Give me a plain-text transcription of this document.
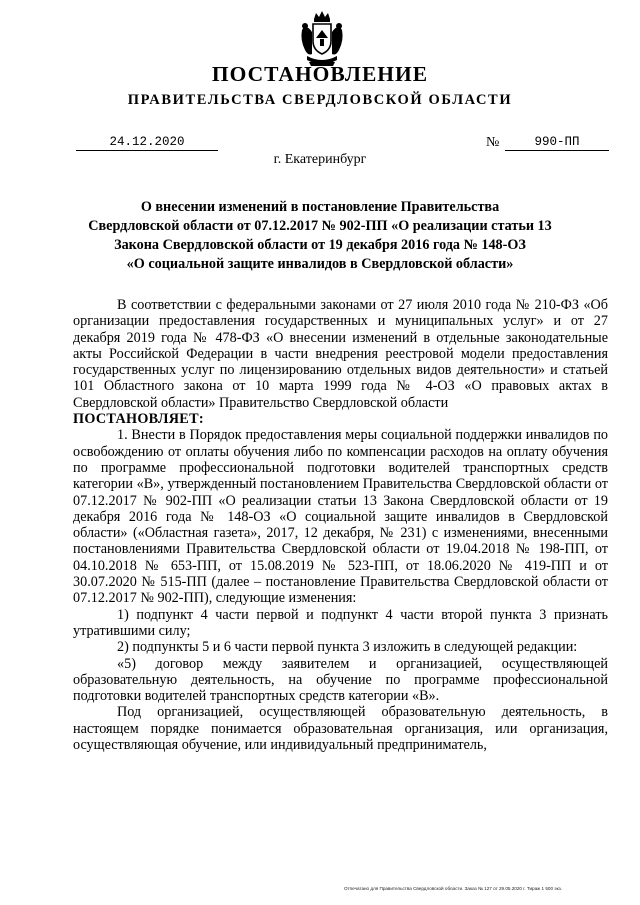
ПОСТАНОВЛЕНИЕ
ПРАВИТЕЛЬСТВА СВЕРДЛОВСКОЙ ОБЛАСТИ
24.12.2020	№	990-ПП
г. Екатеринбург
О внесении изменений в постановление Правительства
Свердловской области от 07.12.2017 № 902-ПП «О реализации статьи 13
Закона Свердловской области от 19 декабря 2016 года № 148-ОЗ
«О социальной защите инвалидов в Свердловской области»

В соответствии с федеральными законами от 27 июля 2010 года № 210-ФЗ «Об организации предоставления государственных и муниципальных услуг» и от 27 декабря 2019 года № 478-ФЗ «О внесении изменений в отдельные законодательные акты Российской Федерации в части внедрения реестровой модели предоставления государственных услуг по лицензированию отдельных видов деятельности» и статьей 101 Областного закона от 10 марта 1999 года № 4-ОЗ «О правовых актах в Свердловской области» Правительство Свердловской области

ПОСТАНОВЛЯЕТ:

1. Внести в Порядок предоставления меры социальной поддержки инвалидов по освобождению от оплаты обучения либо по компенсации расходов на оплату обучения по программе профессиональной подготовки водителей транспортных средств категории «В», утвержденный постановлением Правительства Свердловской области от 07.12.2017 № 902-ПП «О реализации статьи 13 Закона Свердловской области от 19 декабря 2016 года № 148-ОЗ «О социальной защите инвалидов в Свердловской области» («Областная газета», 2017, 12 декабря, № 231) с изменениями, внесенными постановлениями Правительства Свердловской области от 19.04.2018 № 198-ПП, от 04.10.2018 № 653-ПП, от 15.08.2019 № 523-ПП, от 18.06.2020 № 419-ПП и от 30.07.2020 № 515-ПП (далее – постановление Правительства Свердловской области от 07.12.2017 № 902-ПП), следующие изменения:

1) подпункт 4 части первой и подпункт 4 части второй пункта 3 признать утратившими силу;

2) подпункты 5 и 6 части первой пункта 3 изложить в следующей редакции:

«5) договор между заявителем и организацией, осуществляющей образовательную деятельность, на обучение по программе профессиональной подготовки водителей транспортных средств категории «В».

Под организацией, осуществляющей образовательную деятельность, в настоящем порядке понимается образовательная организация, или организация, осуществляющая обучение, или индивидуальный предприниматель,

Отпечатано для Правительства Свердловской области. Заказ № 127 от 29.05.2020 г. Тираж 1 500 экз.
